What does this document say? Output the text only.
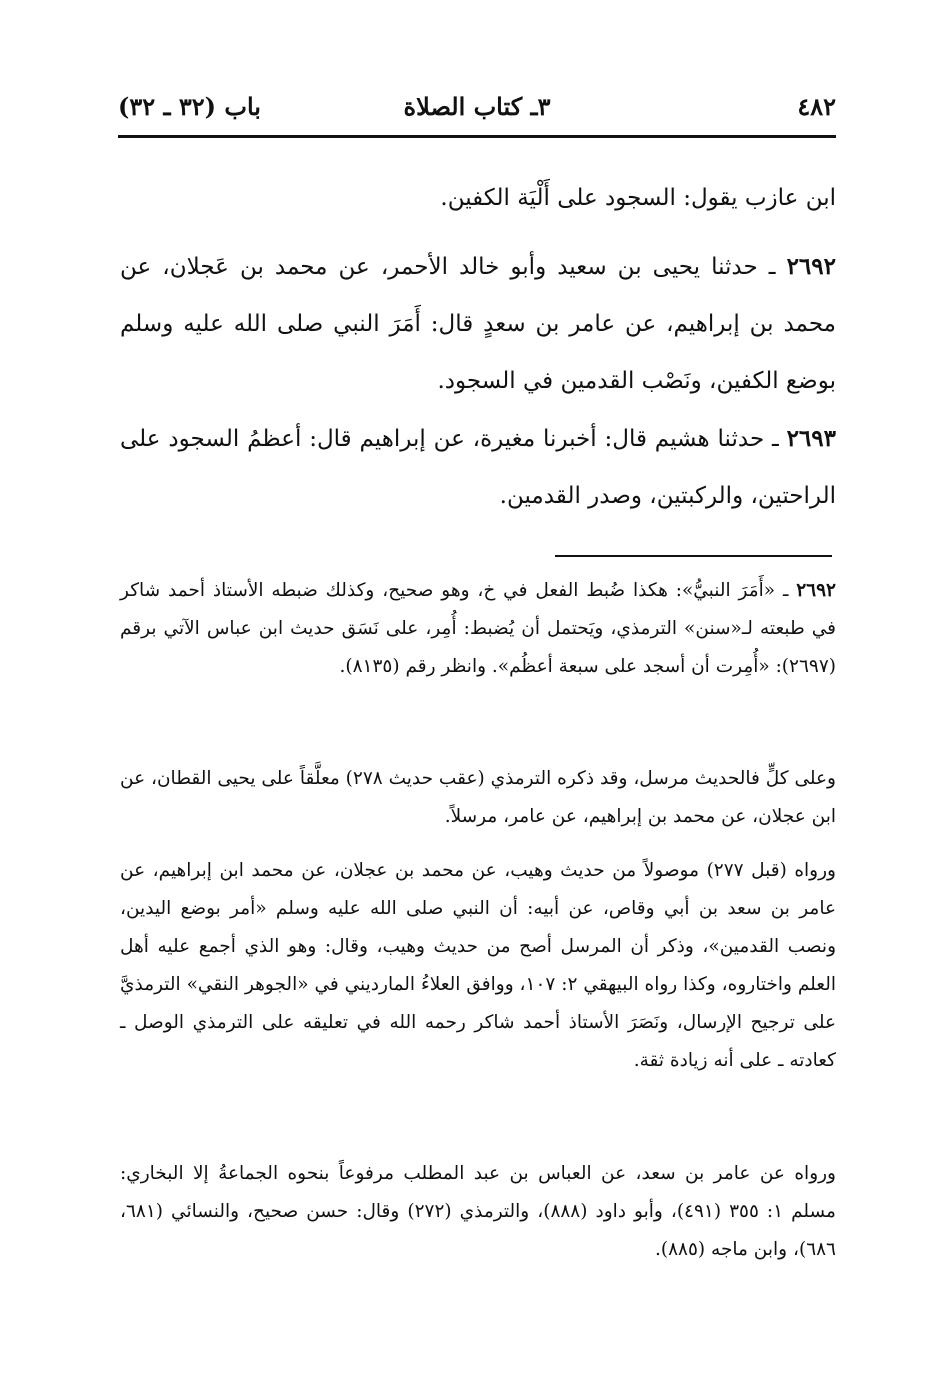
٤٨٢
٣ـ كتاب الصلاة
باب (٣٢ ـ ٣٢)

ابن عازب يقول: السجود على أَلْيَة الكفين.

٢٦٩٢ ـ حدثنا يحيى بن سعيد وأبو خالد الأحمر، عن محمد بن عَجلان، عن محمد بن إبراهيم، عن عامر بن سعدٍ قال: أَمَرَ النبي صلى الله عليه وسلم بوضع الكفين، ونَصْب القدمين في السجود.

٢٦٩٣ ـ حدثنا هشيم قال: أخبرنا مغيرة، عن إبراهيم قال: أعظمُ السجود على الراحتين، والركبتين، وصدر القدمين.

٢٦٩٢ ـ «أَمَرَ النبيُّ»: هكذا ضُبط الفعل في خ، وهو صحيح، وكذلك ضبطه الأستاذ أحمد شاكر في طبعته لـ«سنن» الترمذي، ويَحتمل أن يُضبط: أُمِر، على نَسَق حديث ابن عباس الآتي برقم (٢٦٩٧): «أُمِرت أن أسجد على سبعة أعظُم». وانظر رقم (٨١٣٥).

وعلى كلٍّ فالحديث مرسل، وقد ذكره الترمذي (عقب حديث ٢٧٨) معلَّقاً على يحيى القطان، عن ابن عجلان، عن محمد بن إبراهيم، عن عامر، مرسلاً.

ورواه (قبل ٢٧٧) موصولاً من حديث وهيب، عن محمد بن عجلان، عن محمد ابن إبراهيم، عن عامر بن سعد بن أبي وقاص، عن أبيه: أن النبي صلى الله عليه وسلم «أمر بوضع اليدين، ونصب القدمين»، وذكر أن المرسل أصح من حديث وهيب، وقال: وهو الذي أجمع عليه أهل العلم واختاروه، وكذا رواه البيهقي ٢: ١٠٧، ووافق العلاءُ المارديني في «الجوهر النقي» الترمذيَّ على ترجيح الإرسال، ونَصَرَ الأستاذ أحمد شاكر رحمه الله في تعليقه على الترمذي الوصل ـ كعادته ـ على أنه زيادة ثقة.

ورواه عن عامر بن سعد، عن العباس بن عبد المطلب مرفوعاً بنحوه الجماعةُ إلا البخاري: مسلم ١: ٣٥٥ (٤٩١)، وأبو داود (٨٨٨)، والترمذي (٢٧٢) وقال: حسن صحيح، والنسائي (٦٨١، ٦٨٦)، وابن ماجه (٨٨٥).
